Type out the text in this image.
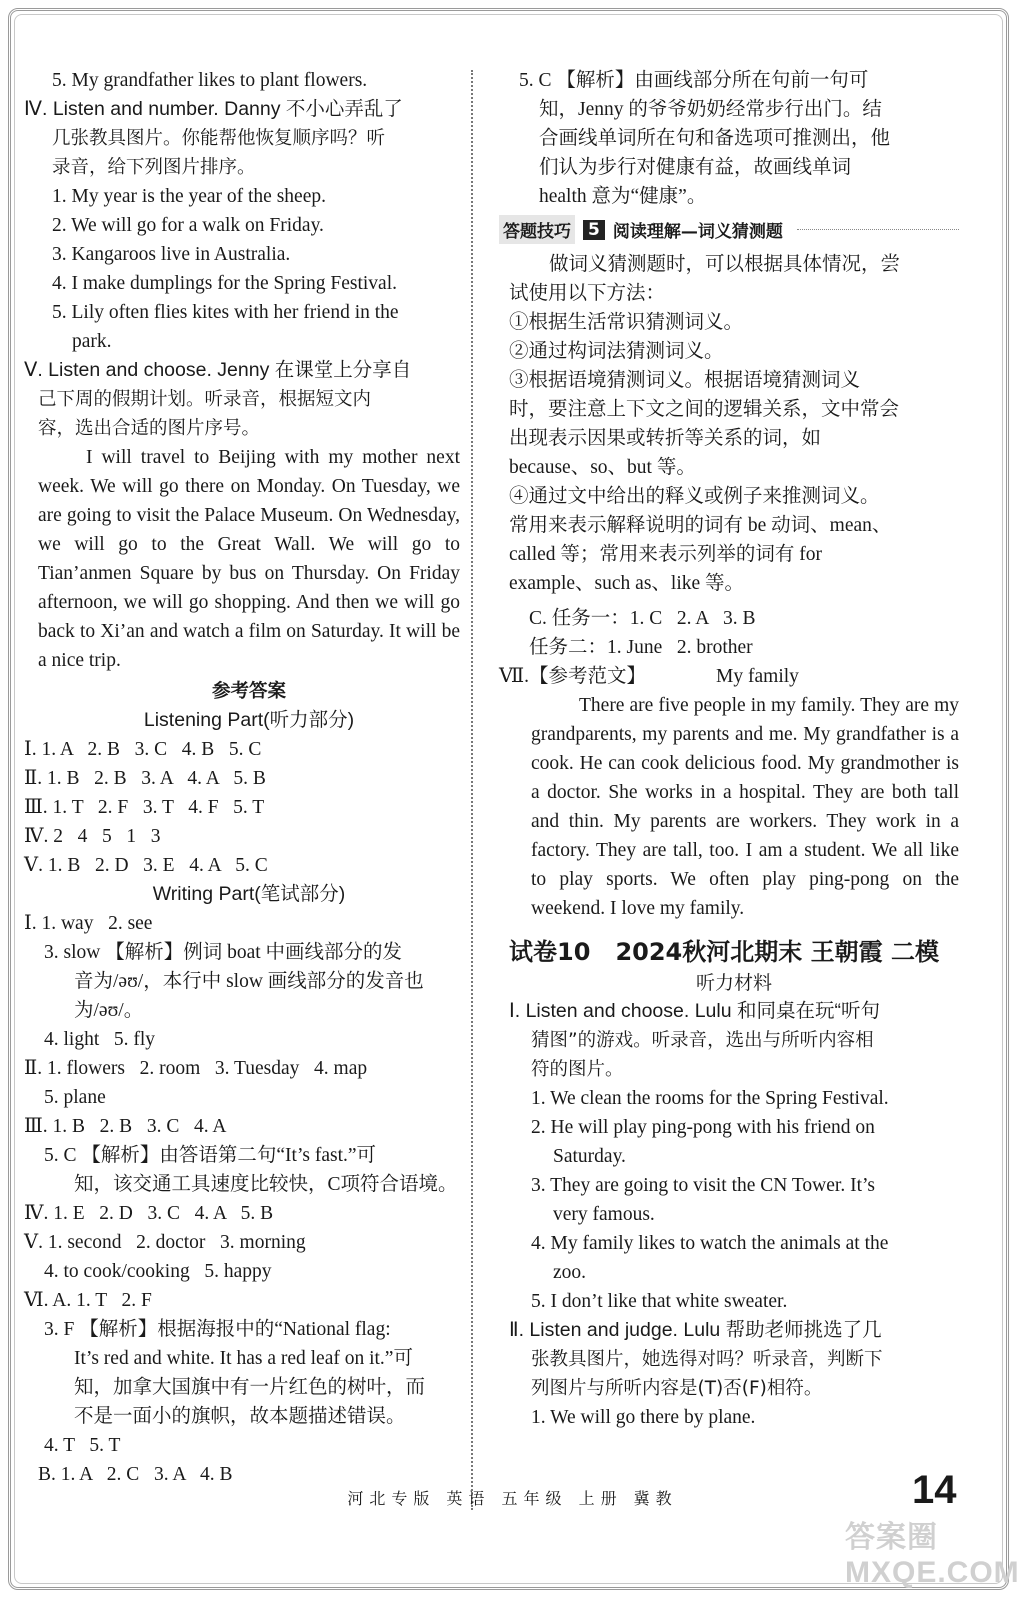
5. My grandfather likes to plant flowers.
Ⅳ. Listen and number. Danny 不小心弄乱了
几张教具图片。你能帮他恢复顺序吗？听
录音，给下列图片排序。
1. My year is the year of the sheep.
2. We will go for a walk on Friday.
3. Kangaroos live in Australia.
4. I make dumplings for the Spring Festival.
5. Lily often flies kites with her friend in the
park.
Ⅴ. Listen and choose. Jenny 在课堂上分享自
己下周的假期计划。听录音，根据短文内
容，选出合适的图片序号。
I will travel to Beijing with my mother next week. We will go there on Monday. On Tuesday, we are going to visit the Palace Museum. On Wednesday, we will go to the Great Wall. We will go to Tian’anmen Square by bus on Thursday. On Friday afternoon, we will go shopping. And then we will go back to Xi’an and watch a film on Saturday. It will be a nice trip.
参考答案
Listening Part(听力部分)
Ⅰ. 1. A   2. B   3. C   4. B   5. C
Ⅱ. 1. B   2. B   3. A   4. A   5. B
Ⅲ. 1. T   2. F   3. T   4. F   5. T
Ⅳ. 2   4   5   1   3
Ⅴ. 1. B   2. D   3. E   4. A   5. C
Writing Part(笔试部分)
Ⅰ. 1. way   2. see
3. slow 【解析】例词 boat 中画线部分的发
音为/əʊ/，本行中 slow 画线部分的发音也
为/əʊ/。
4. light   5. fly
Ⅱ. 1. flowers   2. room   3. Tuesday   4. map
5. plane
Ⅲ. 1. B   2. B   3. C   4. A
5. C 【解析】由答语第二句“It’s fast.”可
知，该交通工具速度比较快，C项符合语境。
Ⅳ. 1. E   2. D   3. C   4. A   5. B
Ⅴ. 1. second   2. doctor   3. morning
4. to cook/cooking   5. happy
Ⅵ. A. 1. T   2. F
3. F 【解析】根据海报中的“National flag:
It’s red and white. It has a red leaf on it.”可
知，加拿大国旗中有一片红色的树叶，而
不是一面小的旗帜，故本题描述错误。
4. T   5. T
B. 1. A   2. C   3. A   4. B
5. C 【解析】由画线部分所在句前一句可
知，Jenny 的爷爷奶奶经常步行出门。结
合画线单词所在句和备选项可推测出，他
们认为步行对健康有益，故画线单词
health 意为“健康”。
答题技巧 5 阅读理解—词义猜测题
做词义猜测题时，可以根据具体情况，尝
试使用以下方法：
①根据生活常识猜测词义。
②通过构词法猜测词义。
③根据语境猜测词义。根据语境猜测词义
时，要注意上下文之间的逻辑关系，文中常会
出现表示因果或转折等关系的词，如
because、so、but 等。
④通过文中给出的释义或例子来推测词义。
常用来表示解释说明的词有 be 动词、mean、
called 等；常用来表示列举的词有 for
example、such as、like 等。
C. 任务一：1. C   2. A   3. B
任务二：1. June   2. brother
Ⅶ.【参考范文】	My family
There are five people in my family. They are my grandparents, my parents and me. My grandfather is a cook. He can cook delicious food. My grandmother is a doctor. She works in a hospital. They are both tall and thin. My parents are workers. They work in a factory. They are tall, too. I am a student. We all like to play sports. We often play ping-pong on the weekend. I love my family.
试卷10   2024秋河北期末 王朝霞 二模
听力材料
Ⅰ. Listen and choose. Lulu 和同桌在玩“听句
猜图”的游戏。听录音，选出与所听内容相
符的图片。
1. We clean the rooms for the Spring Festival.
2. He will play ping-pong with his friend on
Saturday.
3. They are going to visit the CN Tower. It’s
very famous.
4. My family likes to watch the animals at the
zoo.
5. I don’t like that white sweater.
Ⅱ. Listen and judge. Lulu 帮助老师挑选了几
张教具图片，她选得对吗？听录音，判断下
列图片与所听内容是(T)否(F)相符。
1. We will go there by plane.
河北专版 英语 五年级 上册 冀教	14
答案圈 MXQE.COM
